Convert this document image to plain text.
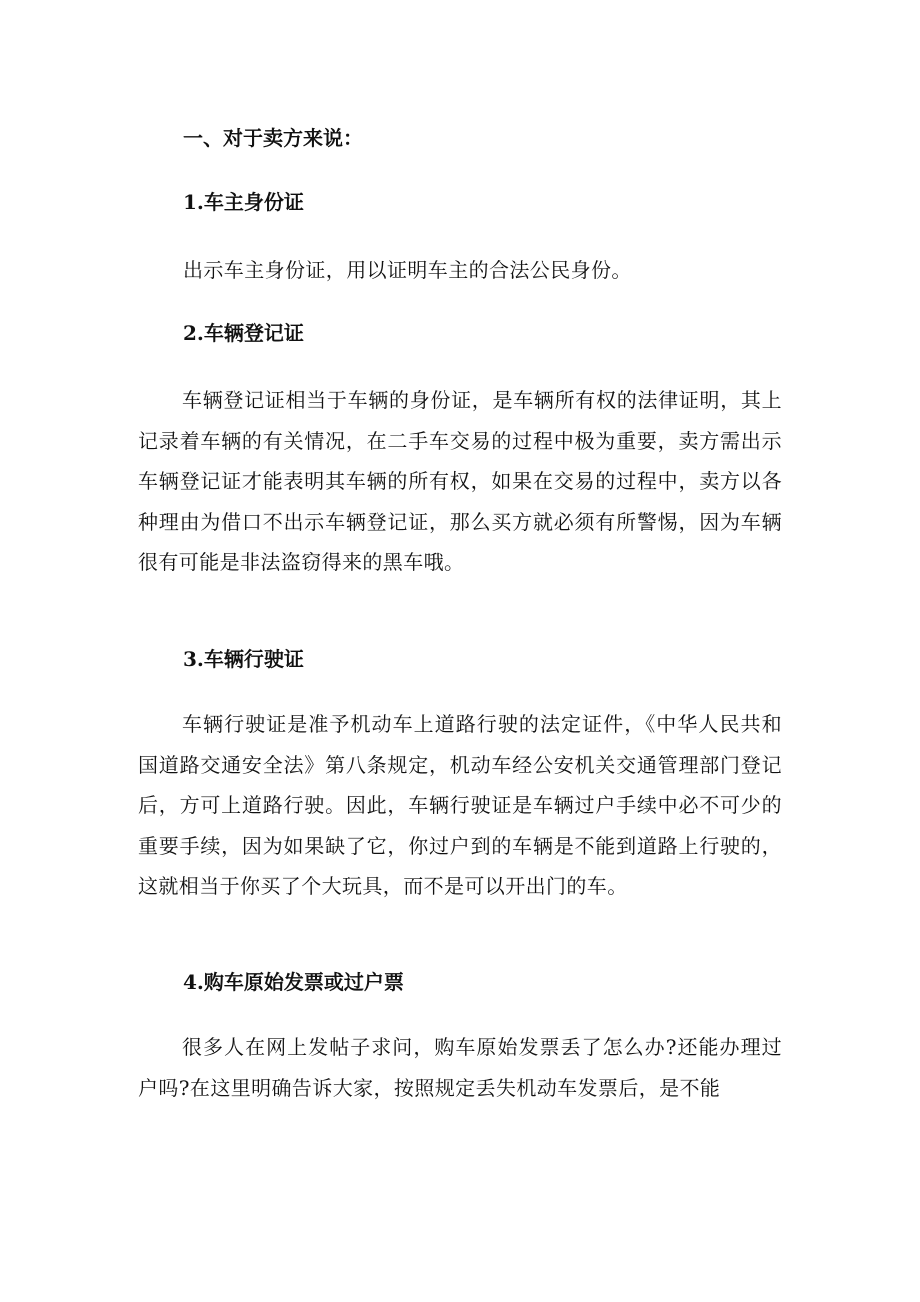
一、对于卖方来说：
1.车主身份证

出示车主身份证，用以证明车主的合法公民身份。

2.车辆登记证

车辆登记证相当于车辆的身份证，是车辆所有权的法律证明，其上记录着车辆的有关情况，在二手车交易的过程中极为重要，卖方需出示车辆登记证才能表明其车辆的所有权，如果在交易的过程中，卖方以各种理由为借口不出示车辆登记证，那么买方就必须有所警惕，因为车辆很有可能是非法盗窃得来的黑车哦。

3.车辆行驶证

车辆行驶证是准予机动车上道路行驶的法定证件，《中华人民共和国道路交通安全法》第八条规定，机动车经公安机关交通管理部门登记后，方可上道路行驶。因此，车辆行驶证是车辆过户手续中必不可少的重要手续，因为如果缺了它，你过户到的车辆是不能到道路上行驶的，这就相当于你买了个大玩具，而不是可以开出门的车。

4.购车原始发票或过户票

很多人在网上发帖子求问，购车原始发票丢了怎么办?还能办理过户吗?在这里明确告诉大家，按照规定丢失机动车发票后，是不能
